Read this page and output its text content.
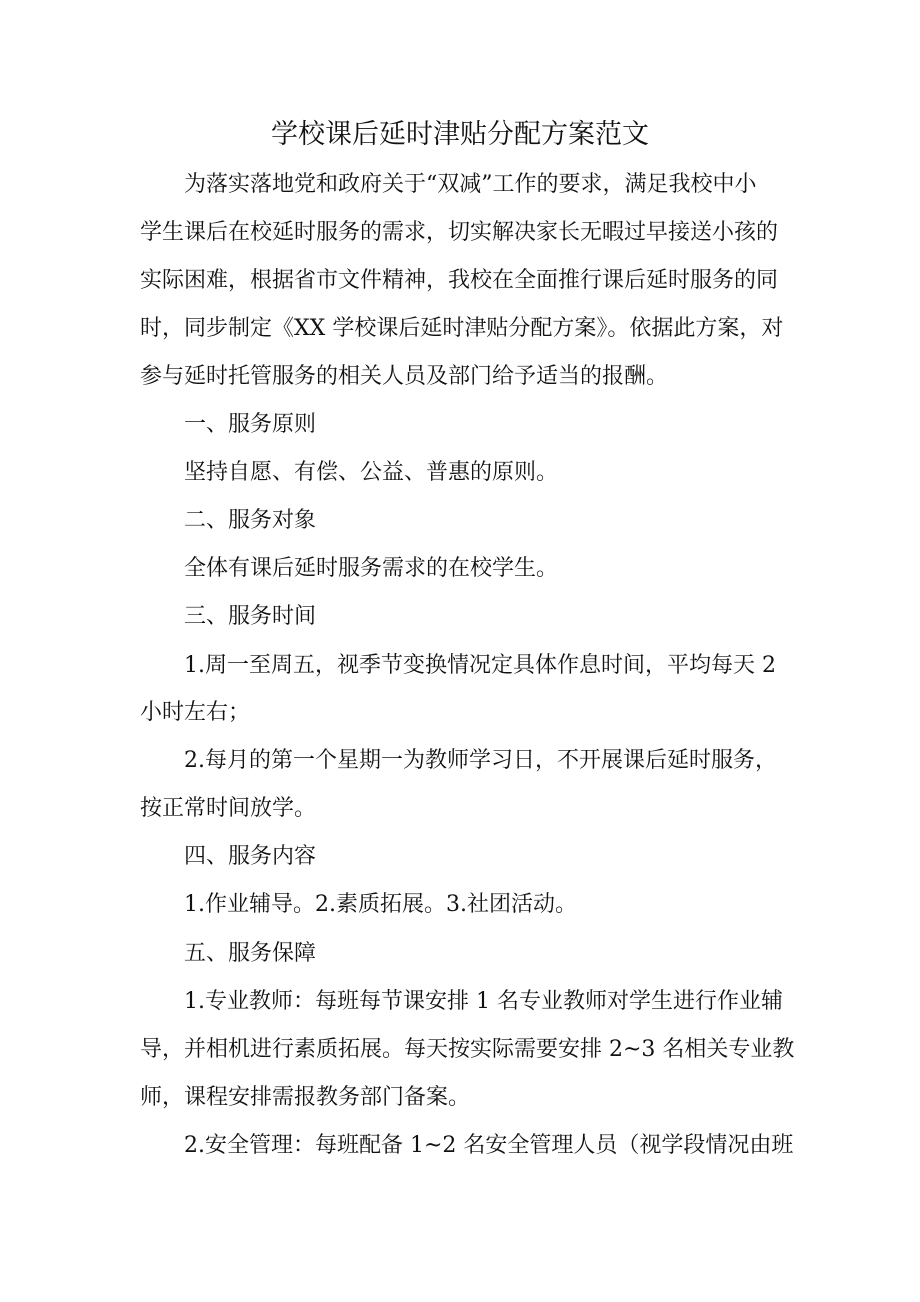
学校课后延时津贴分配方案范文
为落实落地党和政府关于“双减”工作的要求，满足我校中小
学生课后在校延时服务的需求，切实解决家长无暇过早接送小孩的
实际困难，根据省市文件精神，我校在全面推行课后延时服务的同
时，同步制定《XX 学校课后延时津贴分配方案》。依据此方案，对
参与延时托管服务的相关人员及部门给予适当的报酬。
一、服务原则
坚持自愿、有偿、公益、普惠的原则。
二、服务对象
全体有课后延时服务需求的在校学生。
三、服务时间
1.周一至周五，视季节变换情况定具体作息时间，平均每天 2
小时左右；
2.每月的第一个星期一为教师学习日，不开展课后延时服务，
按正常时间放学。
四、服务内容
1.作业辅导。2.素质拓展。3.社团活动。
五、服务保障
1.专业教师：每班每节课安排 1 名专业教师对学生进行作业辅
导，并相机进行素质拓展。每天按实际需要安排 2~3 名相关专业教
师，课程安排需报教务部门备案。
2.安全管理：每班配备 1~2 名安全管理人员（视学段情况由班
